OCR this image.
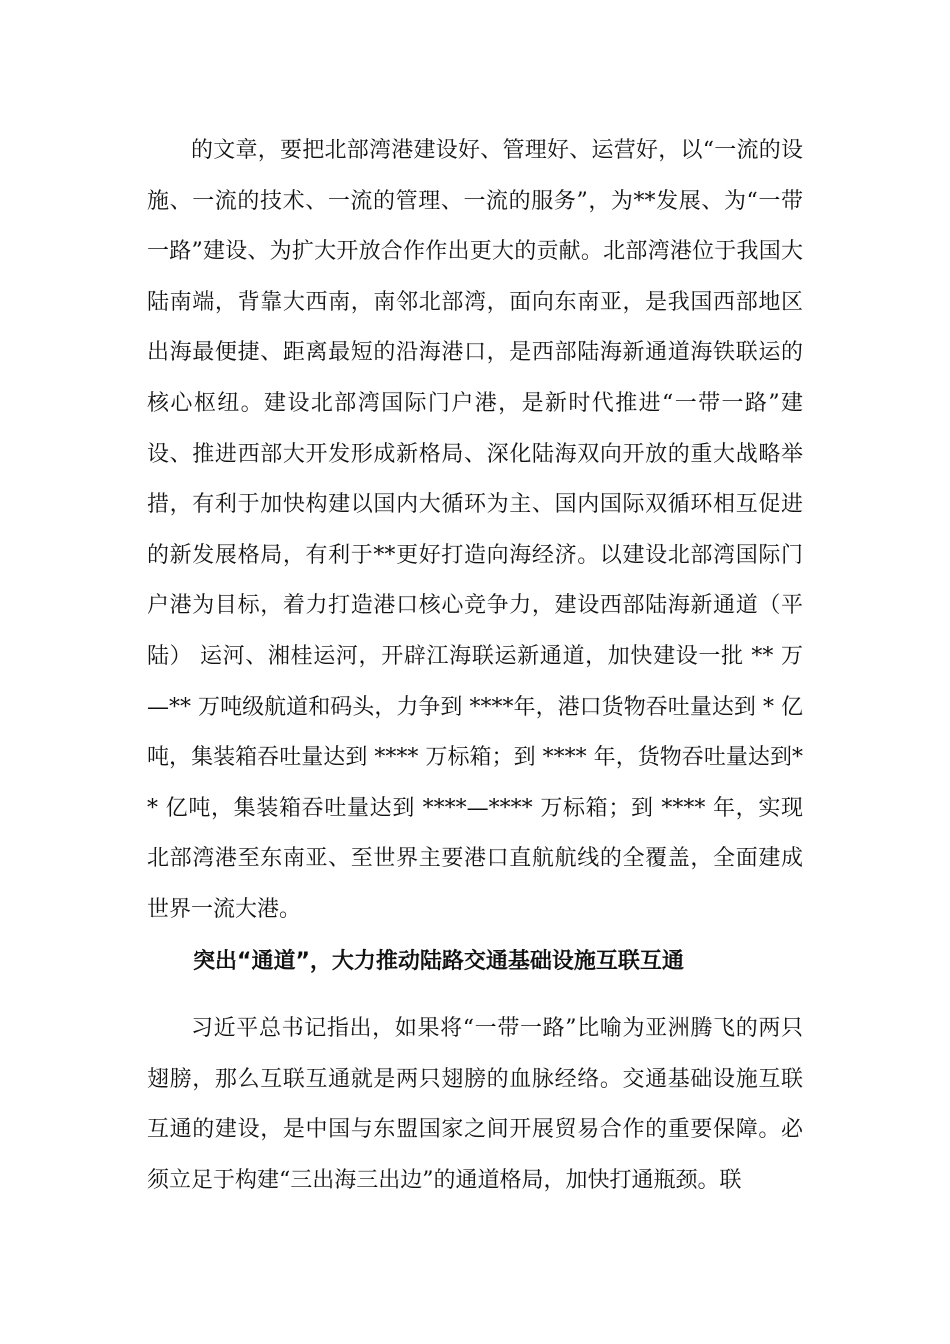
的文章，要把北部湾港建设好、管理好、运营好，以“一流的设施、一流的技术、一流的管理、一流的服务”，为**发展、为“一带一路”建设、为扩大开放合作作出更大的贡献。北部湾港位于我国大陆南端，背靠大西南，南邻北部湾，面向东南亚，是我国西部地区出海最便捷、距离最短的沿海港口，是西部陆海新通道海铁联运的核心枢纽。建设北部湾国际门户港，是新时代推进“一带一路”建设、推进西部大开发形成新格局、深化陆海双向开放的重大战略举措，有利于加快构建以国内大循环为主、国内国际双循环相互促进的新发展格局，有利于**更好打造向海经济。以建设北部湾国际门户港为目标，着力打造港口核心竞争力，建设西部陆海新通道（平陆） 运河、湘桂运河，开辟江海联运新通道，加快建设一批 ** 万—** 万吨级航道和码头，力争到 ****年，港口货物吞吐量达到 * 亿吨，集装箱吞吐量达到 **** 万标箱；到 **** 年，货物吞吐量达到** 亿吨，集装箱吞吐量达到 ****—**** 万标箱；到 **** 年，实现北部湾港至东南亚、至世界主要港口直航航线的全覆盖，全面建成世界一流大港。

突出“通道”，大力推动陆路交通基础设施互联互通

习近平总书记指出，如果将“一带一路”比喻为亚洲腾飞的两只翅膀，那么互联互通就是两只翅膀的血脉经络。交通基础设施互联互通的建设，是中国与东盟国家之间开展贸易合作的重要保障。必须立足于构建“三出海三出边”的通道格局，加快打通瓶颈。联
